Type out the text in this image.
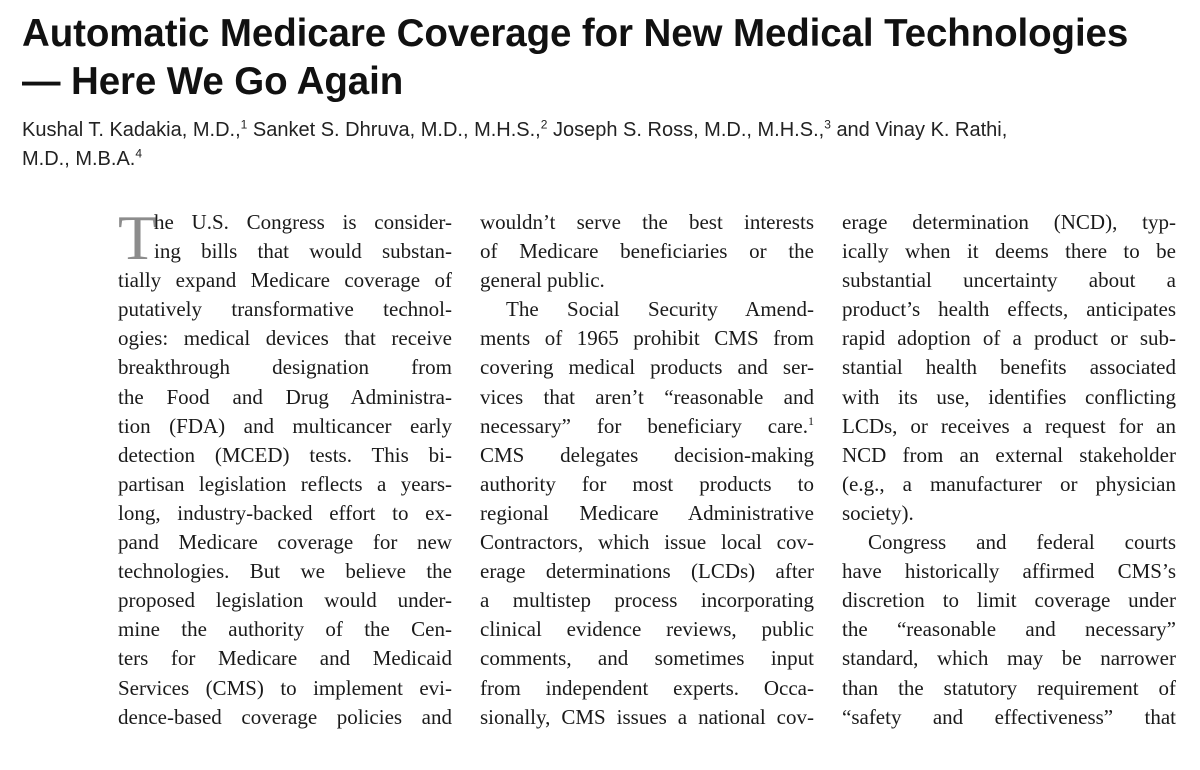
Automatic Medicare Coverage for New Medical Technologies
— Here We Go Again
Kushal T. Kadakia, M.D.,$^1$ Sanket S. Dhruva, M.D., M.H.S.,$^2$ Joseph S. Ross, M.D., M.H.S.,$^3$ and Vinay K. Rathi,
M.D., M.B.A.$^4$
T
he U.S. Congress is consider-
ing bills that would substan-
tially expand Medicare coverage of
putatively transformative technol-
ogies: medical devices that receive
breakthrough designation from
the Food and Drug Administra-
tion (FDA) and multicancer early
detection (MCED) tests. This bi-
partisan legislation reflects a years-
long, industry-backed effort to ex-
pand Medicare coverage for new
technologies. But we believe the
proposed legislation would under-
mine the authority of the Cen-
ters for Medicare and Medicaid
Services (CMS) to implement evi-
dence-based coverage policies and
wouldn’t serve the best interests
of Medicare beneficiaries or the
general public.
The Social Security Amend-
ments of 1965 prohibit CMS from
covering medical products and ser-
vices that aren’t “reasonable and
necessary” for beneficiary care.$^1$
CMS delegates decision-making
authority for most products to
regional Medicare Administrative
Contractors, which issue local cov-
erage determinations (LCDs) after
a multistep process incorporating
clinical evidence reviews, public
comments, and sometimes input
from independent experts. Occa-
sionally, CMS issues a national cov-
erage determination (NCD), typ-
ically when it deems there to be
substantial uncertainty about a
product’s health effects, anticipates
rapid adoption of a product or sub-
stantial health benefits associated
with its use, identifies conflicting
LCDs, or receives a request for an
NCD from an external stakeholder
(e.g., a manufacturer or physician
society).
Congress and federal courts
have historically affirmed CMS’s
discretion to limit coverage under
the “reasonable and necessary”
standard, which may be narrower
than the statutory requirement of
“safety and effectiveness” that
